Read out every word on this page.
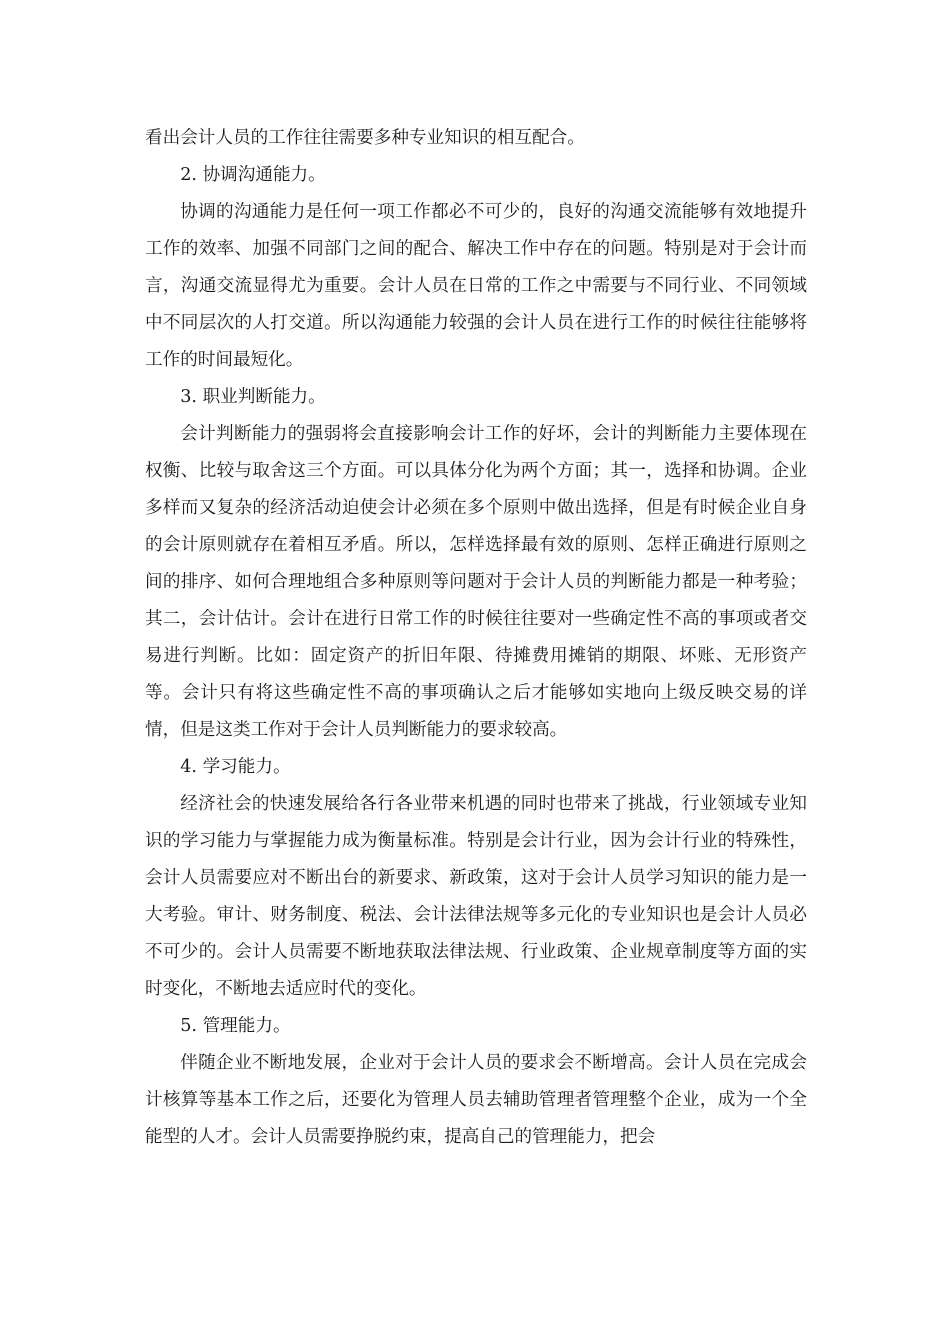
看出会计人员的工作往往需要多种专业知识的相互配合。

2. 协调沟通能力。

协调的沟通能力是任何一项工作都必不可少的，良好的沟通交流能够有效地提升工作的效率、加强不同部门之间的配合、解决工作中存在的问题。特别是对于会计而言，沟通交流显得尤为重要。会计人员在日常的工作之中需要与不同行业、不同领域中不同层次的人打交道。所以沟通能力较强的会计人员在进行工作的时候往往能够将工作的时间最短化。

3. 职业判断能力。

会计判断能力的强弱将会直接影响会计工作的好坏，会计的判断能力主要体现在权衡、比较与取舍这三个方面。可以具体分化为两个方面；其一，选择和协调。企业多样而又复杂的经济活动迫使会计必须在多个原则中做出选择，但是有时候企业自身的会计原则就存在着相互矛盾。所以，怎样选择最有效的原则、怎样正确进行原则之间的排序、如何合理地组合多种原则等问题对于会计人员的判断能力都是一种考验；其二，会计估计。会计在进行日常工作的时候往往要对一些确定性不高的事项或者交易进行判断。比如：固定资产的折旧年限、待摊费用摊销的期限、坏账、无形资产等。会计只有将这些确定性不高的事项确认之后才能够如实地向上级反映交易的详情，但是这类工作对于会计人员判断能力的要求较高。

4. 学习能力。

经济社会的快速发展给各行各业带来机遇的同时也带来了挑战，行业领域专业知识的学习能力与掌握能力成为衡量标准。特别是会计行业，因为会计行业的特殊性，会计人员需要应对不断出台的新要求、新政策，这对于会计人员学习知识的能力是一大考验。审计、财务制度、税法、会计法律法规等多元化的专业知识也是会计人员必不可少的。会计人员需要不断地获取法律法规、行业政策、企业规章制度等方面的实时变化，不断地去适应时代的变化。

5. 管理能力。

伴随企业不断地发展，企业对于会计人员的要求会不断增高。会计人员在完成会计核算等基本工作之后，还要化为管理人员去辅助管理者管理整个企业，成为一个全能型的人才。会计人员需要挣脱约束，提高自己的管理能力，把会
